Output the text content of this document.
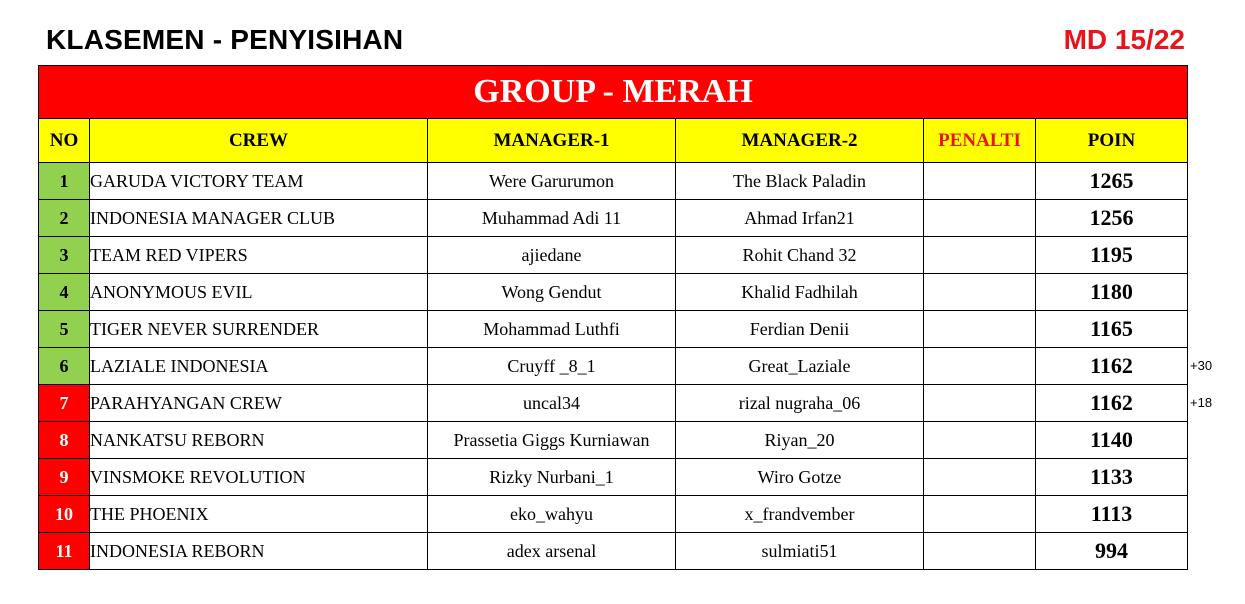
KLASEMEN - PENYISIHAN	MD 15/22
GROUP - MERAH					
NO	CREW	MANAGER-1	MANAGER-2	PENALTI	POIN
1	GARUDA VICTORY TEAM	Were Garurumon	The Black Paladin		1265
2	INDONESIA MANAGER CLUB	Muhammad Adi 11	Ahmad Irfan21		1256
3	TEAM RED VIPERS	ajiedane	Rohit Chand 32		1195
4	ANONYMOUS EVIL	Wong Gendut	Khalid Fadhilah		1180
5	TIGER NEVER SURRENDER	Mohammad Luthfi	Ferdian Denii		1165
6	LAZIALE INDONESIA	Cruyff _8_1	Great_Laziale		1162
7	PARAHYANGAN CREW	uncal34	rizal nugraha_06		1162
8	NANKATSU REBORN	Prassetia Giggs Kurniawan	Riyan_20		1140
9	VINSMOKE REVOLUTION	Rizky Nurbani_1	Wiro Gotze		1133
10	THE PHOENIX	eko_wahyu	x_frandvember		1113
11	INDONESIA REBORN	adex arsenal	sulmiati51		994
+30
+18
